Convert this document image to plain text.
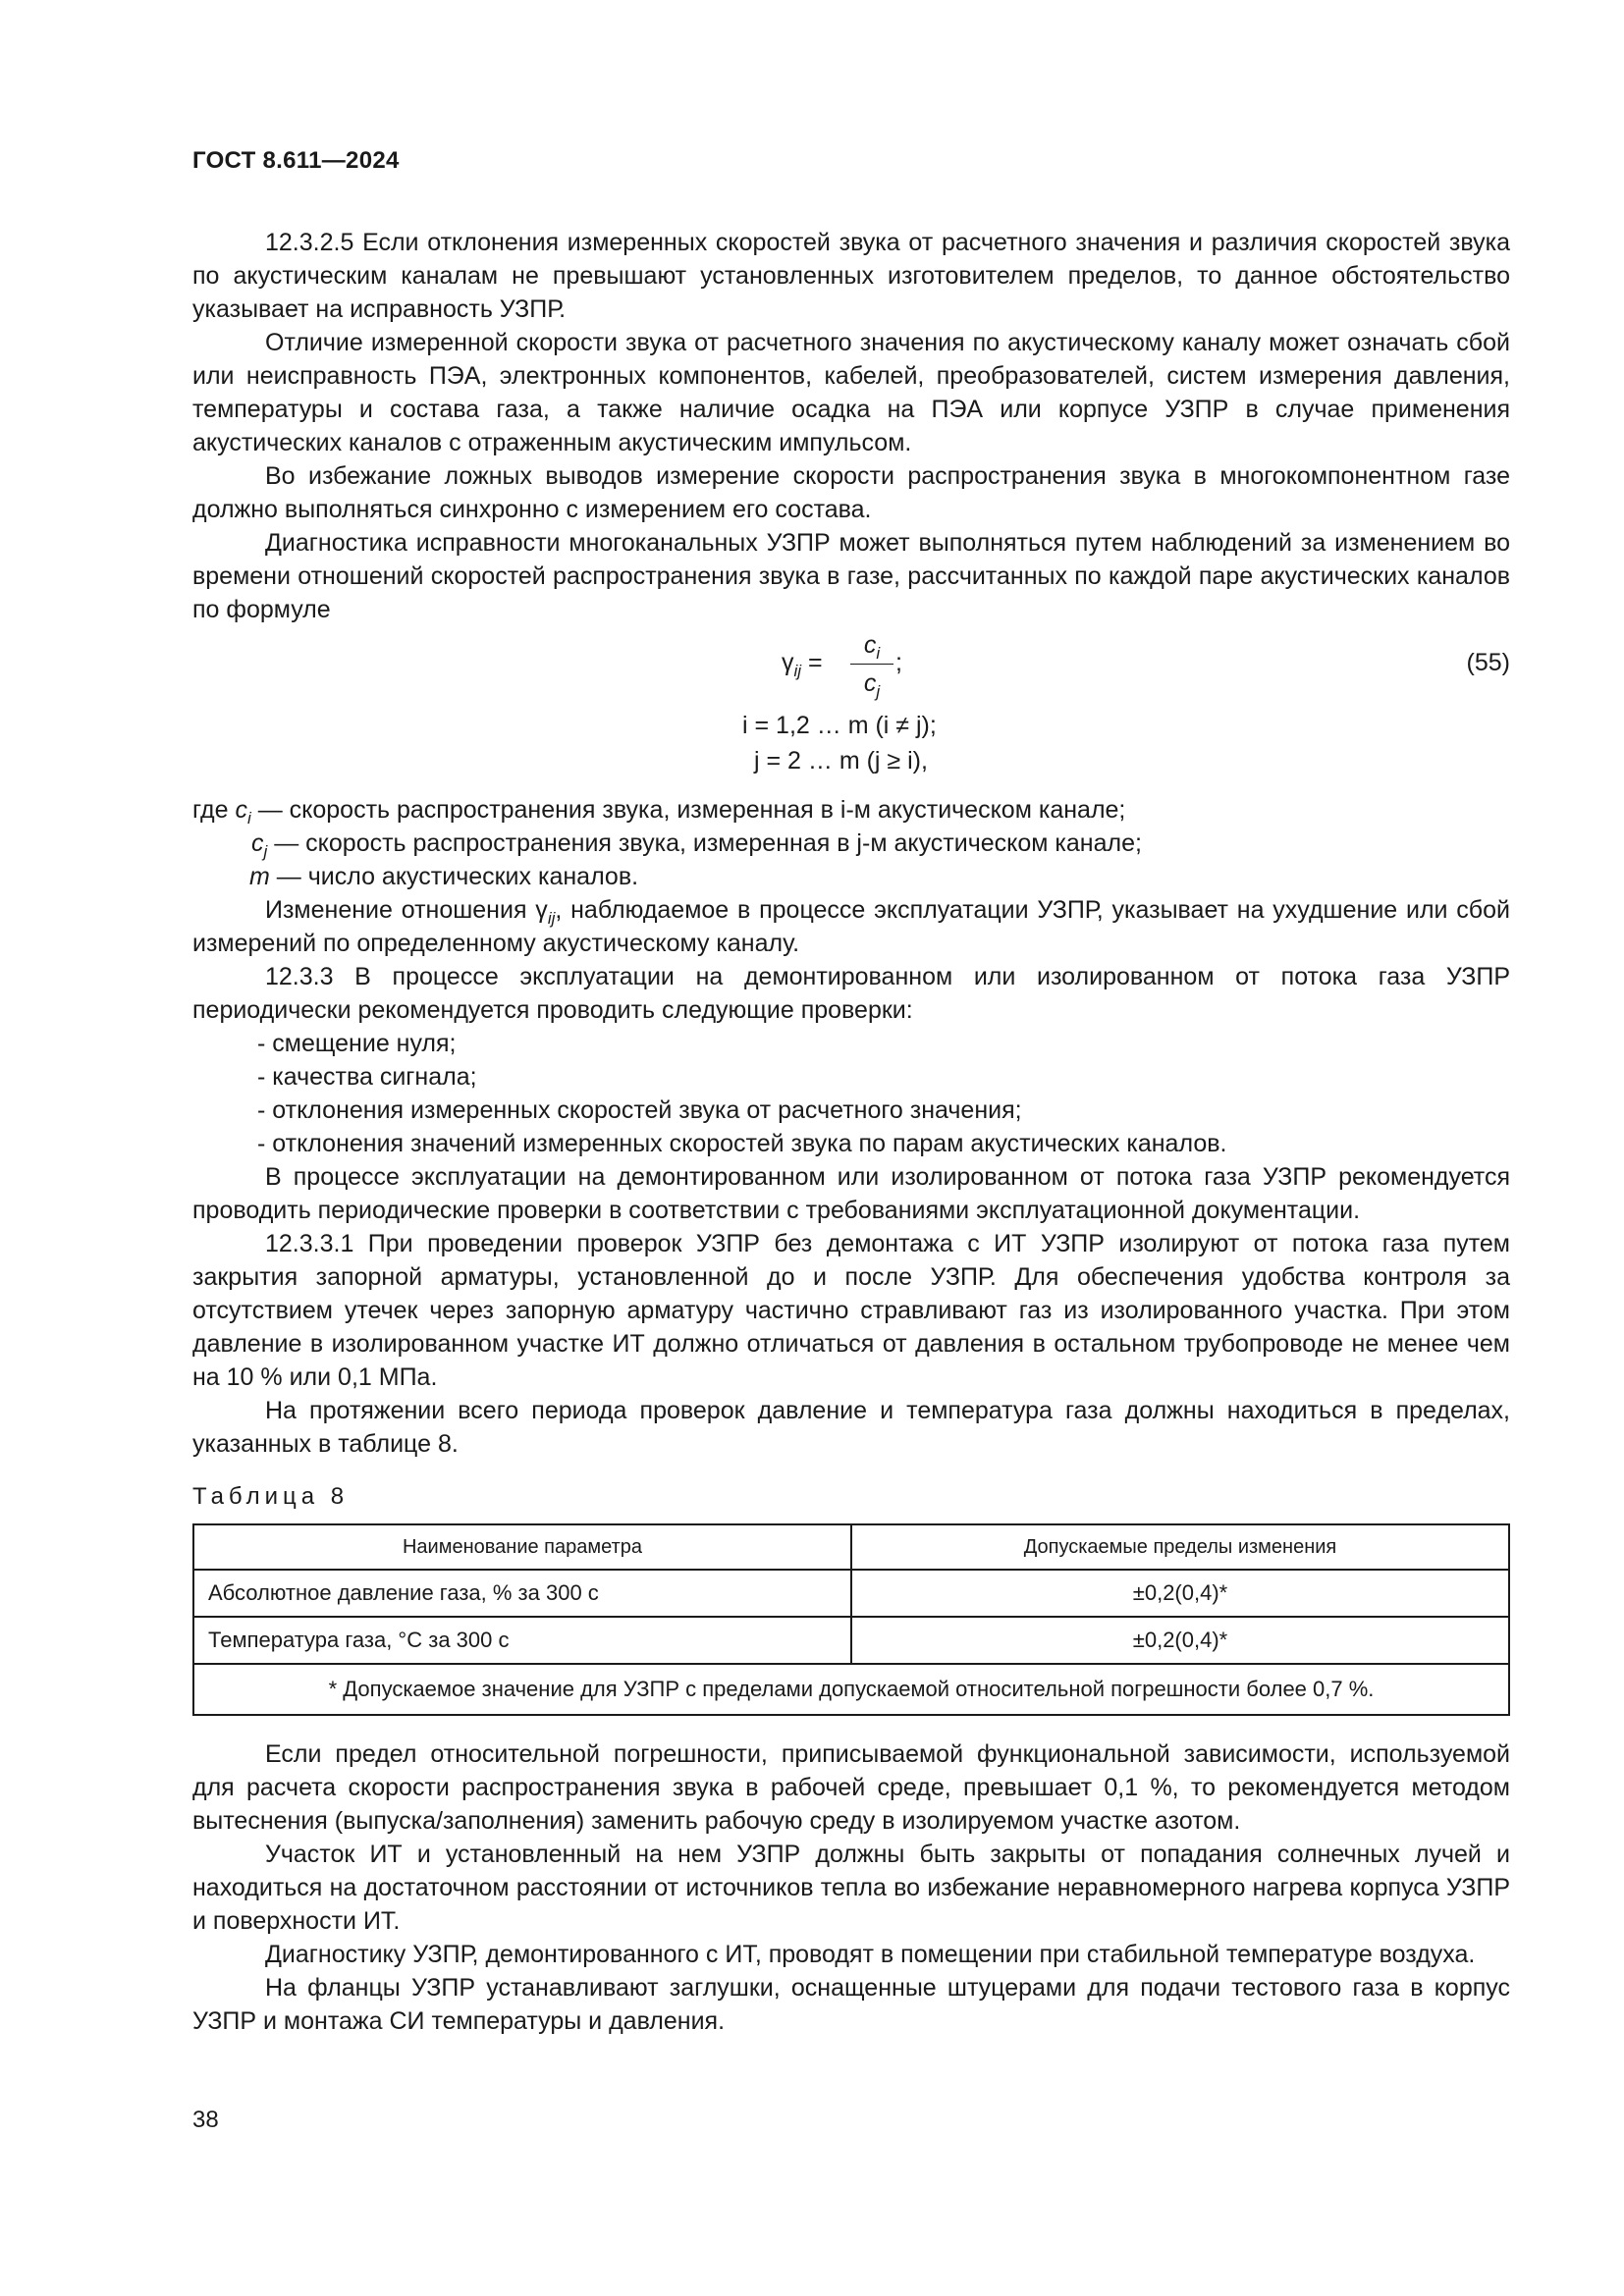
ГОСТ 8.611—2024

12.3.2.5 Если отклонения измеренных скоростей звука от расчетного значения и различия скоростей звука по акустическим каналам не превышают установленных изготовителем пределов, то данное обстоятельство указывает на исправность УЗПР.

Отличие измеренной скорости звука от расчетного значения по акустическому каналу может означать сбой или неисправность ПЭА, электронных компонентов, кабелей, преобразователей, систем измерения давления, температуры и состава газа, а также наличие осадка на ПЭА или корпусе УЗПР в случае применения акустических каналов с отраженным акустическим импульсом.

Во избежание ложных выводов измерение скорости распространения звука в многокомпонентном газе должно выполняться синхронно с измерением его состава.

Диагностика исправности многоканальных УЗПР может выполняться путем наблюдений за изменением во времени отношений скоростей распространения звука в газе, рассчитанных по каждой паре акустических каналов по формуле

$\gamma_{ij} = \frac{c_i}{c_j}$ ;	(55)
i = 1,2 … m (i ≠ j);
j = 2 … m (j ≥ i),
где $c_i$ — скорость распространения звука, измеренная в i-м акустическом канале;
$c_j$ — скорость распространения звука, измеренная в j-м акустическом канале;
m — число акустических каналов.

Изменение отношения $\gamma_{ij}$, наблюдаемое в процессе эксплуатации УЗПР, указывает на ухудшение или сбой измерений по определенному акустическому каналу.

12.3.3 В процессе эксплуатации на демонтированном или изолированном от потока газа УЗПР периодически рекомендуется проводить следующие проверки:

- смещение нуля;

- качества сигнала;

- отклонения измеренных скоростей звука от расчетного значения;

- отклонения значений измеренных скоростей звука по парам акустических каналов.

В процессе эксплуатации на демонтированном или изолированном от потока газа УЗПР рекомендуется проводить периодические проверки в соответствии с требованиями эксплуатационной документации.

12.3.3.1 При проведении проверок УЗПР без демонтажа с ИТ УЗПР изолируют от потока газа путем закрытия запорной арматуры, установленной до и после УЗПР. Для обеспечения удобства контроля за отсутствием утечек через запорную арматуру частично стравливают газ из изолированного участка. При этом давление в изолированном участке ИТ должно отличаться от давления в остальном трубопроводе не менее чем на 10 % или 0,1 МПа.

На протяжении всего периода проверок давление и температура газа должны находиться в пределах, указанных в таблице 8.

Таблица 8
Наименование параметра	Допускаемые пределы изменения
Абсолютное давление газа, % за 300 с	±0,2(0,4)*
Температура газа, °С за 300 с	±0,2(0,4)*
* Допускаемое значение для УЗПР с пределами допускаемой относительной погрешности более 0,7 %.	

Если предел относительной погрешности, приписываемой функциональной зависимости, используемой для расчета скорости распространения звука в рабочей среде, превышает 0,1 %, то рекомендуется методом вытеснения (выпуска/заполнения) заменить рабочую среду в изолируемом участке азотом.

Участок ИТ и установленный на нем УЗПР должны быть закрыты от попадания солнечных лучей и находиться на достаточном расстоянии от источников тепла во избежание неравномерного нагрева корпуса УЗПР и поверхности ИТ.

Диагностику УЗПР, демонтированного с ИТ, проводят в помещении при стабильной температуре воздуха.

На фланцы УЗПР устанавливают заглушки, оснащенные штуцерами для подачи тестового газа в корпус УЗПР и монтажа СИ температуры и давления.

38
